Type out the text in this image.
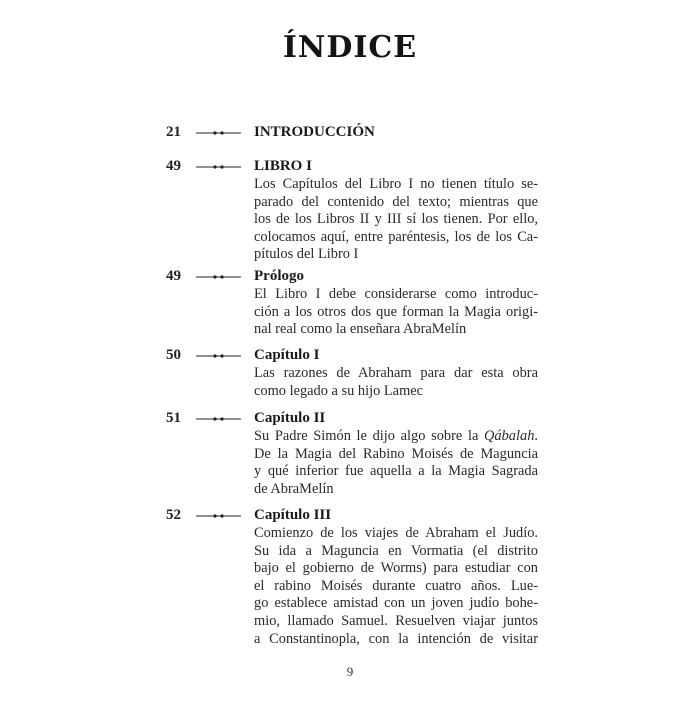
ÍNDICE
21	INTRODUCCIÓN
49	LIBRO I
Los Capítulos del Libro I no tienen título se-
parado del contenido del texto; mientras que
los de los Libros II y III sí los tienen. Por ello,
colocamos aquí, entre paréntesis, los de los Ca-
pítulos del Libro I
49	Prólogo
El Libro I debe considerarse como introduc-
ción a los otros dos que forman la Magia origi-
nal real como la enseñara AbraMelín
50	Capítulo I
Las razones de Abraham para dar esta obra
como legado a su hijo Lamec
51	Capítulo II
Su Padre Simón le dijo algo sobre la Qábalah.
De la Magia del Rabino Moisés de Maguncia
y qué inferior fue aquella a la Magia Sagrada
de AbraMelín
52	Capítulo III
Comienzo de los viajes de Abraham el Judío.
Su ida a Maguncia en Vormatia (el distrito
bajo el gobierno de Worms) para estudiar con
el rabino Moisés durante cuatro años. Lue-
go establece amistad con un joven judío bohe-
mio, llamado Samuel. Resuelven viajar juntos
a Constantinopla, con la intención de visitar
9
